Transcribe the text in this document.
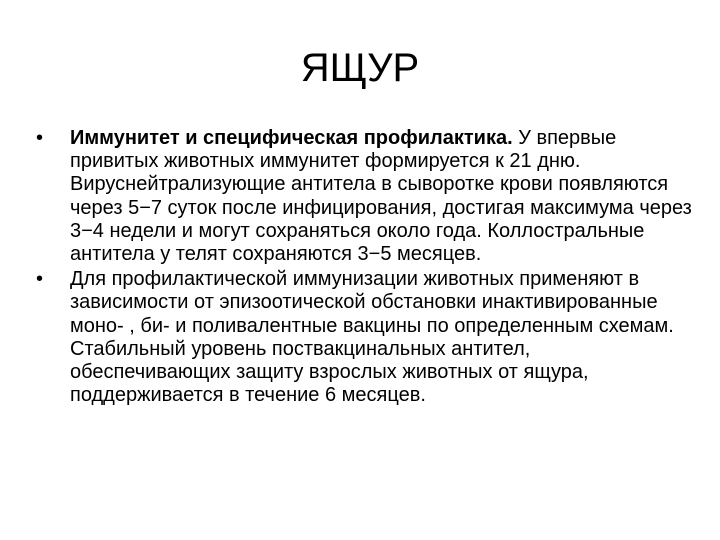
ЯЩУР
• Иммунитет и специфическая профилактика. У впервые привитых животных иммунитет формируется к 21 дню. Вируснейтрализующие антитела в сыворотке крови появляются через 5−7 суток после инфицирования, достигая максимума через 3−4 недели и могут сохраняться около года. Коллостральные антитела у телят сохраняются 3−5 месяцев.
• Для профилактической иммунизации животных применяют в зависимости от эпизоотической обстановки инактивированные моно- , би- и поливалентные вакцины по определенным схемам. Стабильный уровень поствакцинальных антител, обеспечивающих защиту взрослых животных от ящура, поддерживается в течение 6 месяцев.
